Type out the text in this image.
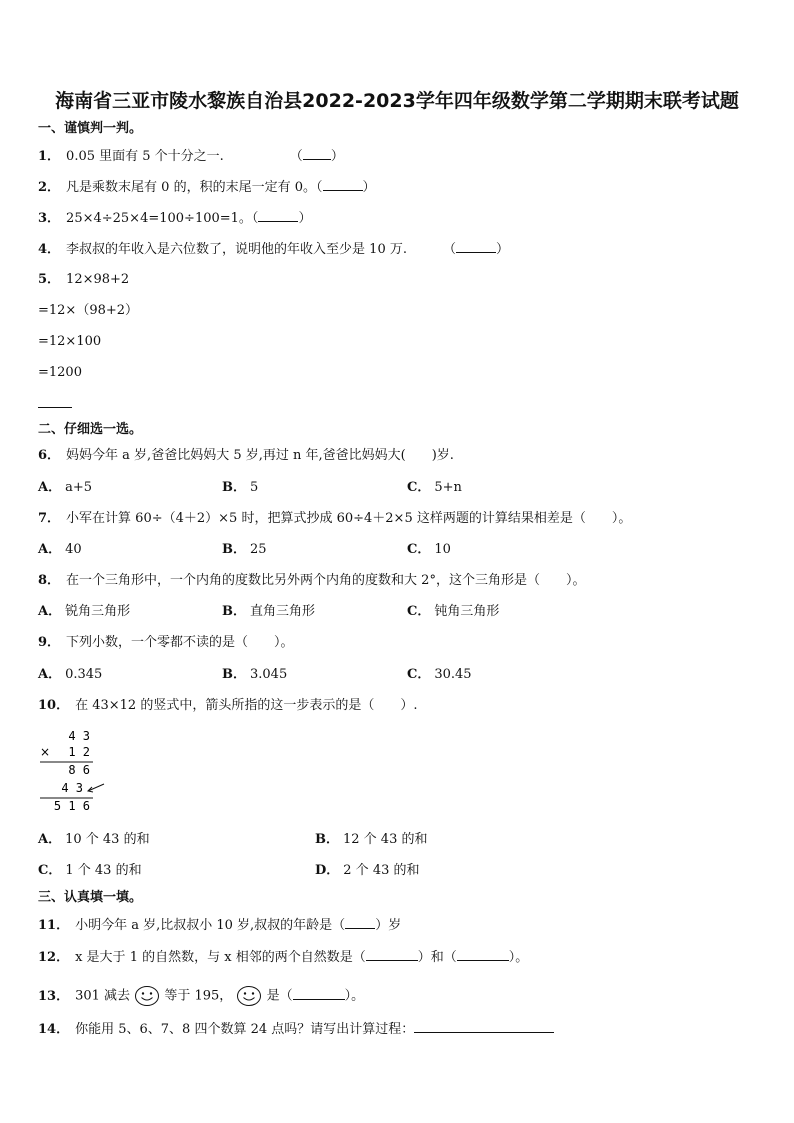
海南省三亚市陵水黎族自治县2022-2023学年四年级数学第二学期期末联考试题
一、谨慎判一判。
1． 0.05 里面有 5 个十分之一.	（ ）
2． 凡是乘数末尾有 0 的，积的末尾一定有 0。（	）
3． 25×4÷25×4=100÷100=1。（	）
4． 李叔叔的年收入是六位数了，说明他的年收入至少是 10 万.	（	）
5． 12×98+2
=12×（98+2）
=12×100
=1200
二、仔细选一选。
6． 妈妈今年 a 岁,爸爸比妈妈大 5 岁,再过 n 年,爸爸比妈妈大(　　)岁.
A． a+5	B． 5	C． 5+n
7． 小军在计算 60÷（4＋2）×5 时，把算式抄成 60÷4＋2×5 这样两题的计算结果相差是（　　）。
A． 40	B． 25	C． 10
8． 在一个三角形中，一个内角的度数比另外两个内角的度数和大 2°，这个三角形是（　　）。
A． 锐角三角形	B． 直角三角形	C． 钝角三角形
9． 下列小数，一个零都不读的是（　　）。
A． 0.345	B． 3.045	C． 30.45
10． 在 43×12 的竖式中，箭头所指的这一步表示的是（　　）.
4 3
× 1 2
8 6
4 3
5 1 6
A． 10 个 43 的和	B． 12 个 43 的和
C． 1 个 43 的和	D． 2 个 43 的和
三、认真填一填。
11． 小明今年 a 岁,比叔叔小 10 岁,叔叔的年龄是（ ）岁
12． x 是大于 1 的自然数，与 x 相邻的两个自然数是（	）和（	）。
13． 301 减去	等于 195，	是（	）。
14． 你能用 5、6、7、8 四个数算 24 点吗？请写出计算过程：
